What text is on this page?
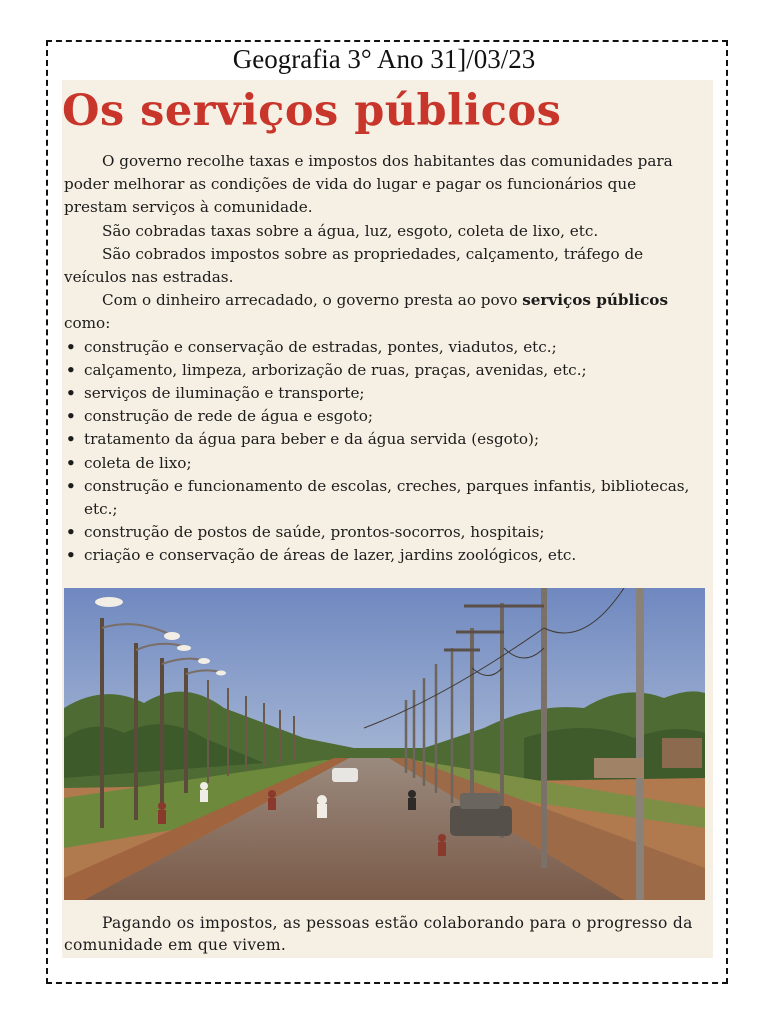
Geografia 3° Ano 31]/03/23
Os serviços públicos

O governo recolhe taxas e impostos dos habitantes das comunidades para poder melhorar as condições de vida do lugar e pagar os funcionários que prestam serviços à comunidade.

São cobradas taxas sobre a água, luz, esgoto, coleta de lixo, etc.

São cobrados impostos sobre as propriedades, calçamento, tráfego de veículos nas estradas.

Com o dinheiro arrecadado, o governo presta ao povo serviços públicos como:

• construção e conservação de estradas, pontes, viadutos, etc.;
• calçamento, limpeza, arborização de ruas, praças, avenidas, etc.;
• serviços de iluminação e transporte;
• construção de rede de água e esgoto;
• tratamento da água para beber e da água servida (esgoto);
• coleta de lixo;
• construção e funcionamento de escolas, creches, parques infantis, bibliotecas, etc.;
• construção de postos de saúde, prontos-socorros, hospitais;
• criação e conservação de áreas de lazer, jardins zoológicos, etc.
Pagando os impostos, as pessoas estão colaborando para o progresso da comunidade em que vivem.
